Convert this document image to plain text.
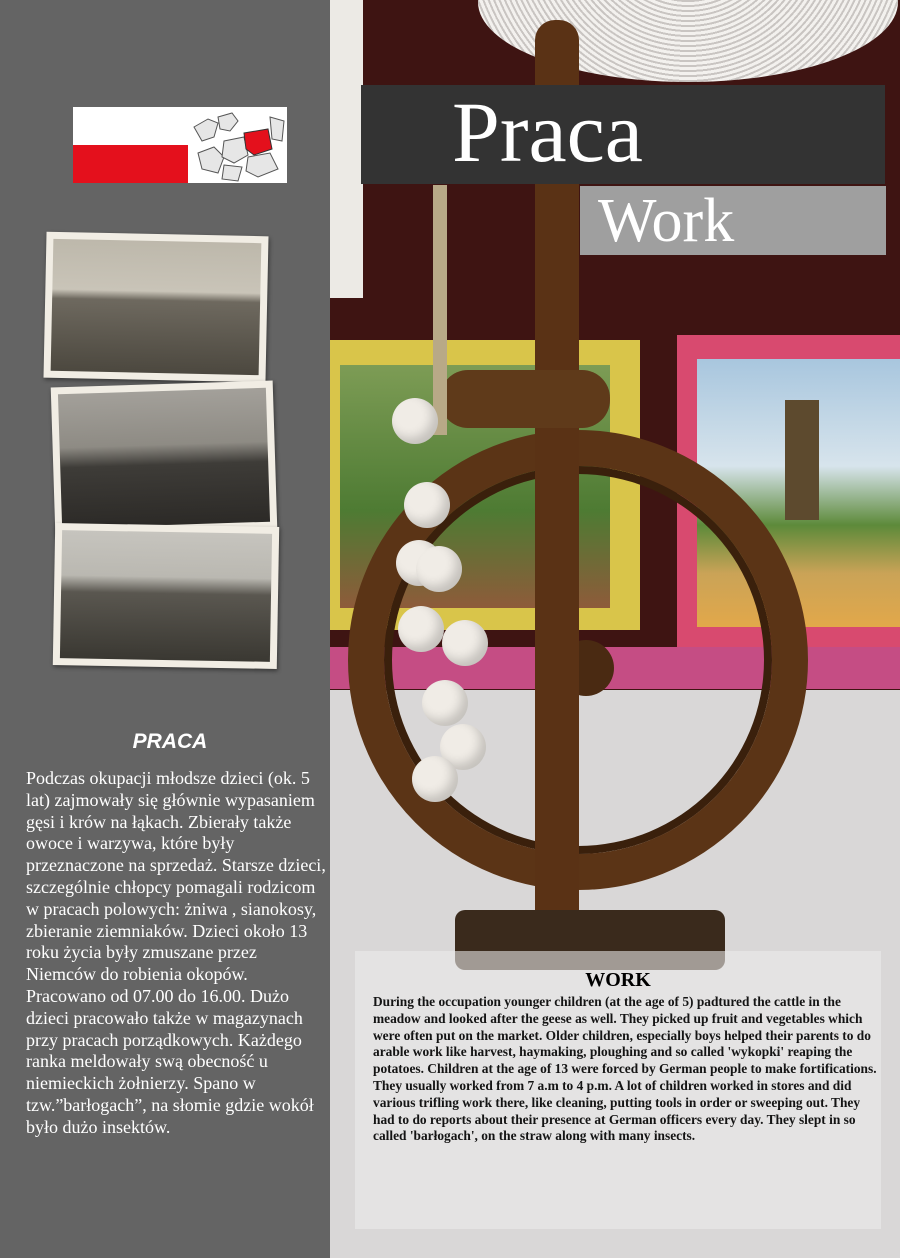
PRACA

Podczas okupacji młodsze dzieci (ok. 5 lat) zajmowały się głównie wypasaniem gęsi i krów na łąkach. Zbierały także owoce i warzywa, które były przeznaczone na sprzedaż. Starsze dzieci, szczególnie chłopcy pomagali rodzicom w pracach polowych: żniwa , sianokosy, zbieranie ziemniaków. Dzieci około 13 roku życia były zmuszane przez Niemców do robienia okopów. Pracowano od 07.00 do 16.00. Dużo dzieci pracowało także w magazynach przy pracach porządkowych. Każdego ranka meldowały swą obecność u niemieckich żołnierzy. Spano w tzw.”barłogach”, na słomie gdzie wokół było dużo insektów.

Praca
Work
WORK

During the occupation younger children (at the age of 5) padtured the cattle in the meadow and looked after the geese as well. They picked up fruit and vegetables which were often put on the market. Older children, especially boys helped their parents to do arable work like harvest, haymaking, ploughing and so called 'wykopki' reaping the potatoes. Children at the age of 13 were forced by German people to make fortifications. They usually worked from 7 a.m to 4 p.m. A lot of children worked in stores and did various trifling work there, like cleaning, putting tools in order or sweeping out. They had to do reports about their presence at German officers every day. They slept in so called 'barłogach', on the straw along with many insects.
